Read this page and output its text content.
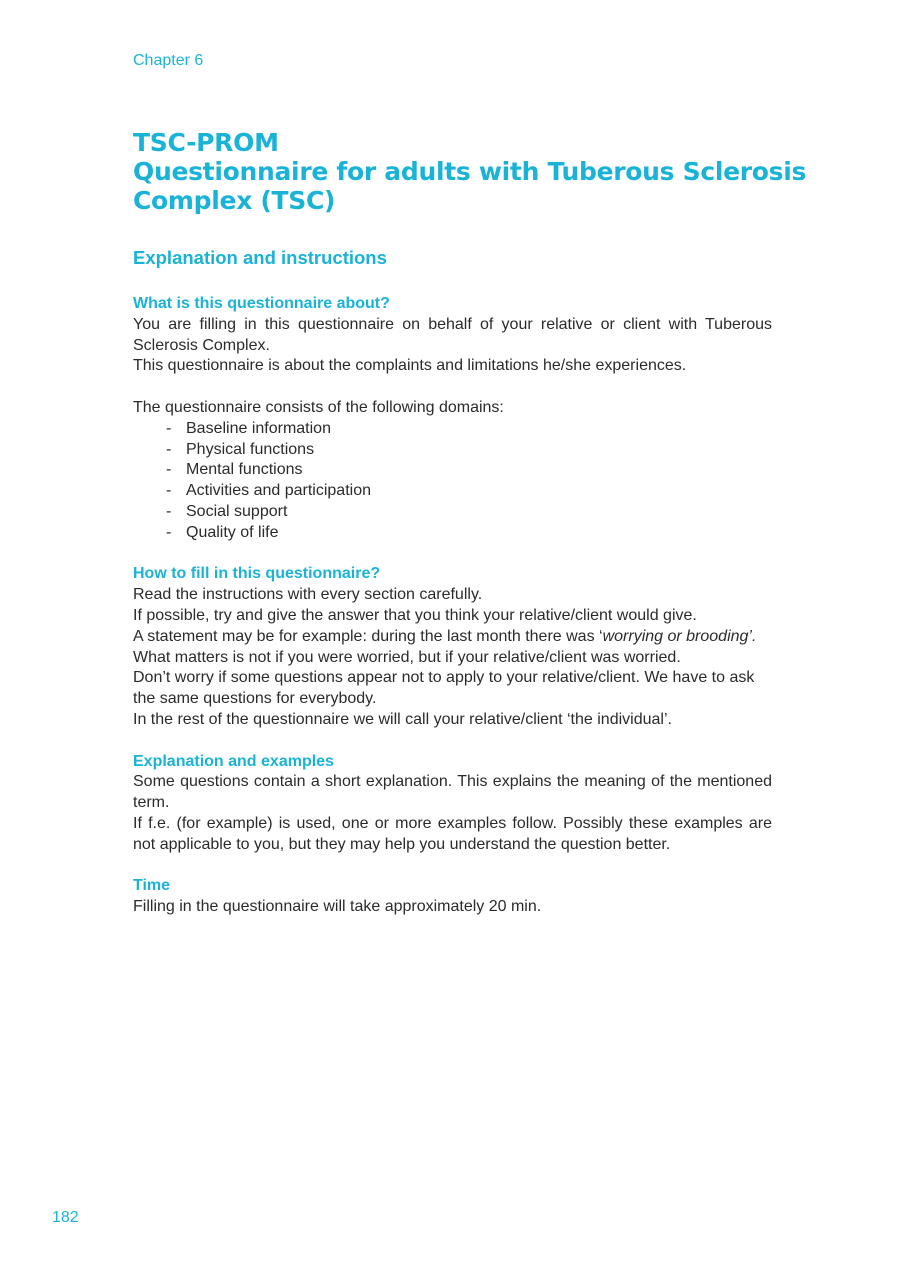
Chapter 6
TSC-PROM
Questionnaire for adults with Tuberous Sclerosis
Complex (TSC)
Explanation and instructions
What is this questionnaire about?

You are filling in this questionnaire on behalf of your relative or client with Tuberous Sclerosis Complex.

This questionnaire is about the complaints and limitations he/she experiences.

The questionnaire consists of the following domains:

- Baseline information
- Physical functions
- Mental functions
- Activities and participation
- Social support
- Quality of life
How to fill in this questionnaire?

Read the instructions with every section carefully.

If possible, try and give the answer that you think your relative/client would give.

A statement may be for example: during the last month there was ‘worrying or brooding’.

What matters is not if you were worried, but if your relative/client was worried.

Don’t worry if some questions appear not to apply to your relative/client. We have to ask the same questions for everybody.

In the rest of the questionnaire we will call your relative/client ‘the individual’.

Explanation and examples

Some questions contain a short explanation. This explains the meaning of the mentioned term.

If f.e. (for example) is used, one or more examples follow. Possibly these examples are not applicable to you, but they may help you understand the question better.

Time

Filling in the questionnaire will take approximately 20 min.

182
